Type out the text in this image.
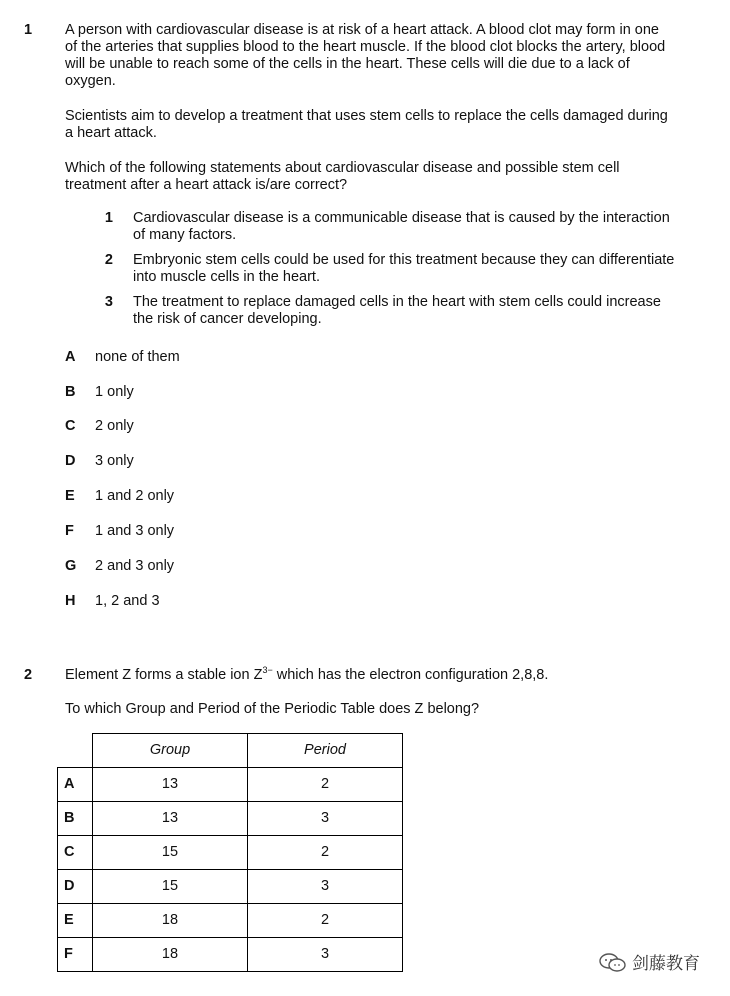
1 A person with cardiovascular disease is at risk of a heart attack. A blood clot may form in one
of the arteries that supplies blood to the heart muscle. If the blood clot blocks the artery, blood
will be unable to reach some of the cells in the heart. These cells will die due to a lack of
oxygen.
Scientists aim to develop a treatment that uses stem cells to replace the cells damaged during
a heart attack.
Which of the following statements about cardiovascular disease and possible stem cell
treatment after a heart attack is/are correct?
1 Cardiovascular disease is a communicable disease that is caused by the interaction
of many factors.
2 Embryonic stem cells could be used for this treatment because they can differentiate
into muscle cells in the heart.
3 The treatment to replace damaged cells in the heart with stem cells could increase
the risk of cancer developing.
A none of them
B 1 only
C 2 only
D 3 only
E 1 and 2 only
F 1 and 3 only
G 2 and 3 only
H 1, 2 and 3
2 Element Z forms a stable ion $Z^{3-}$ which has the electron configuration 2,8,8.
To which Group and Period of the Periodic Table does Z belong?
	Group	Period
A	13	2
B	13	3
C	15	2
D	15	3
E	18	2
F	18	3	剑藤教育
